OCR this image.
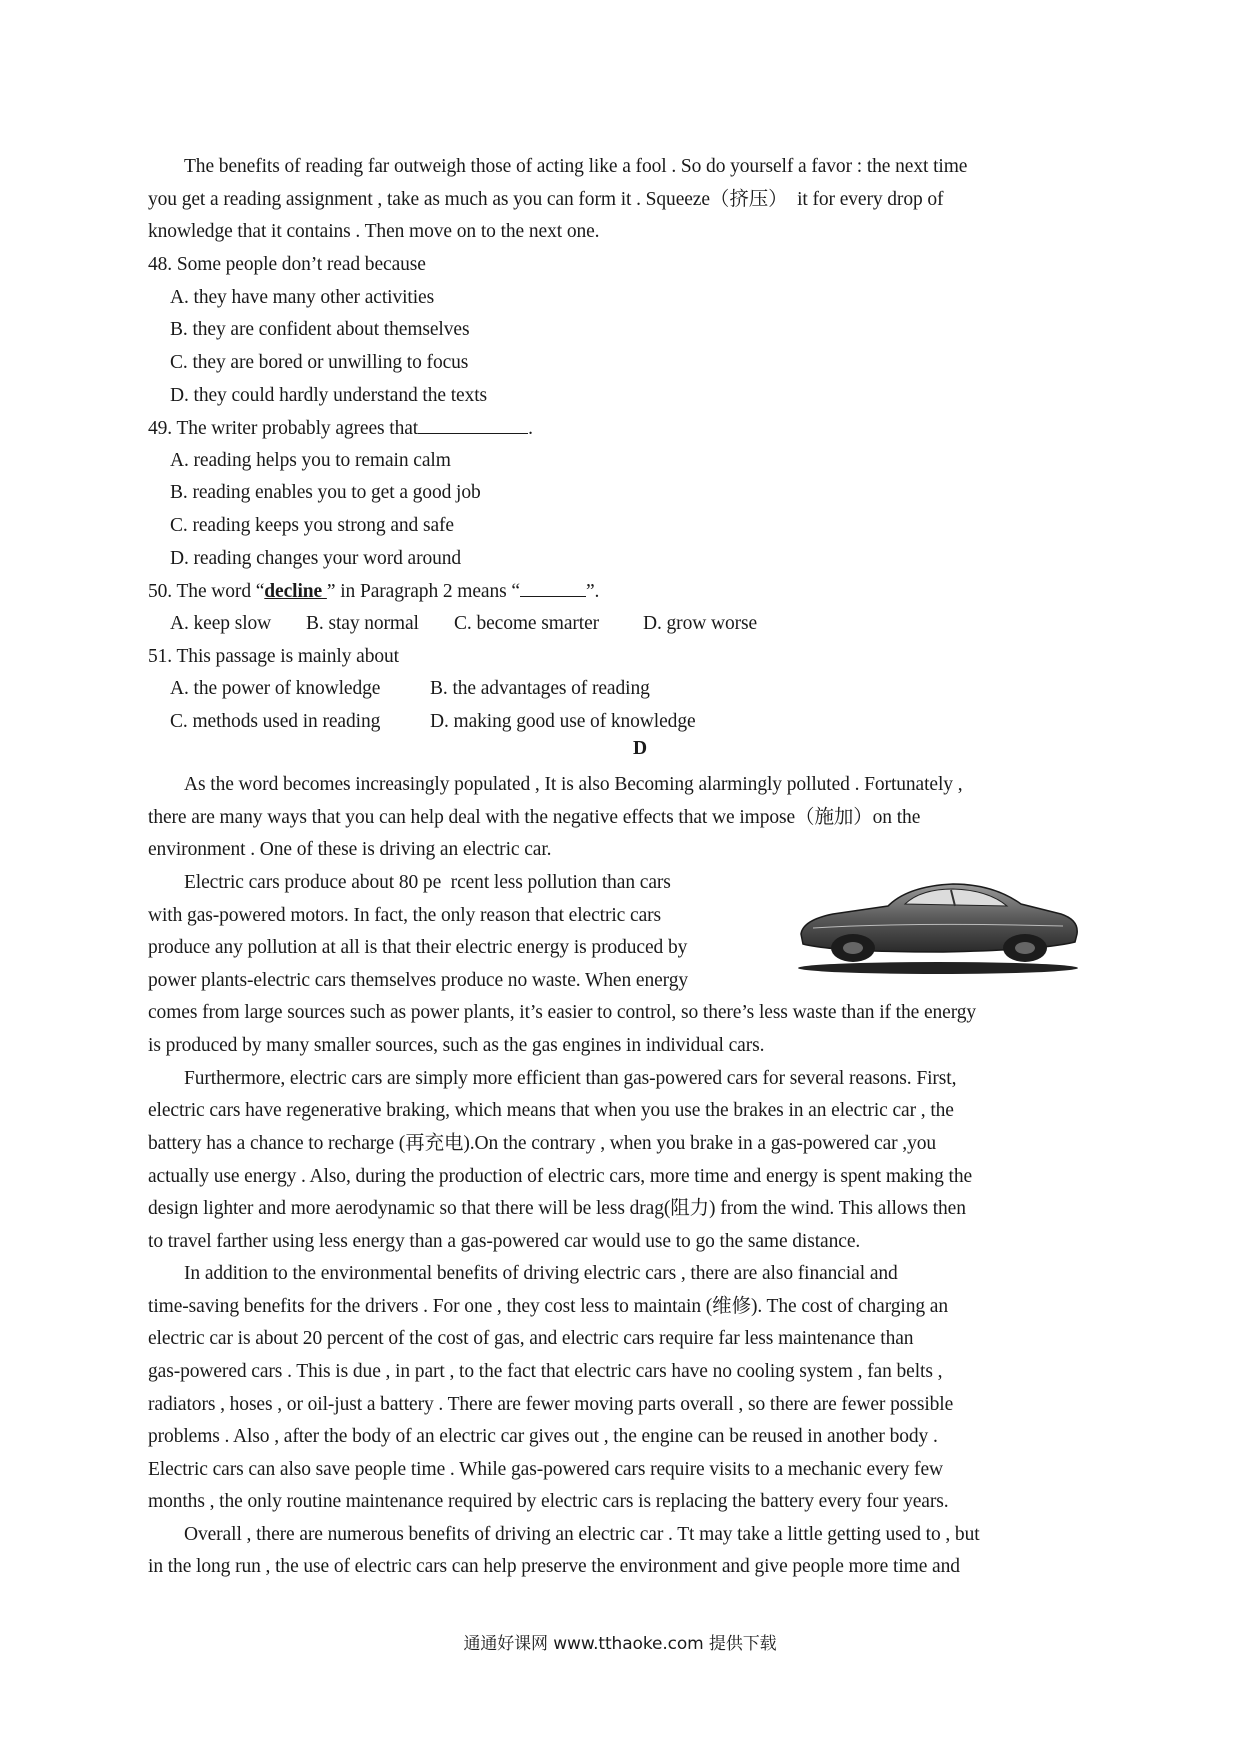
The benefits of reading far outweigh those of acting like a fool . So do yourself a favor : the next time
you get a reading assignment , take as much as you can form it . Squeeze（挤压）  it for every drop of
knowledge that it contains . Then move on to the next one.
48. Some people don’t read because
A. they have many other activities
B. they are confident about themselves
C. they are bored or unwilling to focus
D. they could hardly understand the texts
49. The writer probably agrees that	.
A. reading helps you to remain calm
B. reading enables you to get a good job
C. reading keeps you strong and safe
D. reading changes your word around
50. The word “decline ” in Paragraph 2 means “	”.
A. keep slow B. stay normal C. become smarter D. grow worse
51. This passage is mainly about
A. the power of knowledge	B. the advantages of reading
C. methods used in reading	D. making good use of knowledge
D
As the word becomes increasingly populated , It is also Becoming alarmingly polluted . Fortunately ,
there are many ways that you can help deal with the negative effects that we impose（施加）on the
environment . One of these is driving an electric car.
Electric cars produce about 80 pe  rcent less pollution than cars
with gas-powered motors. In fact, the only reason that electric cars
produce any pollution at all is that their electric energy is produced by
power plants-electric cars themselves produce no waste. When energy
comes from large sources such as power plants, it’s easier to control, so there’s less waste than if the energy
is produced by many smaller sources, such as the gas engines in individual cars.
Furthermore, electric cars are simply more efficient than gas-powered cars for several reasons. First,
electric cars have regenerative braking, which means that when you use the brakes in an electric car , the
battery has a chance to recharge (再充电).On the contrary , when you brake in a gas-powered car ,you
actually use energy . Also, during the production of electric cars, more time and energy is spent making the
design lighter and more aerodynamic so that there will be less drag(阻力) from the wind. This allows then
to travel farther using less energy than a gas-powered car would use to go the same distance.
In addition to the environmental benefits of driving electric cars , there are also financial and
time-saving benefits for the drivers . For one , they cost less to maintain (维修). The cost of charging an
electric car is about 20 percent of the cost of gas, and electric cars require far less maintenance than
gas-powered cars . This is due , in part , to the fact that electric cars have no cooling system , fan belts ,
radiators , hoses , or oil-just a battery . There are fewer moving parts overall , so there are fewer possible
problems . Also , after the body of an electric car gives out , the engine can be reused in another body .
Electric cars can also save people time . While gas-powered cars require visits to a mechanic every few
months , the only routine maintenance required by electric cars is replacing the battery every four years.
Overall , there are numerous benefits of driving an electric car . Tt may take a little getting used to , but
in the long run , the use of electric cars can help preserve the environment and give people more time and
通通好课网 www.tthaoke.com 提供下载
